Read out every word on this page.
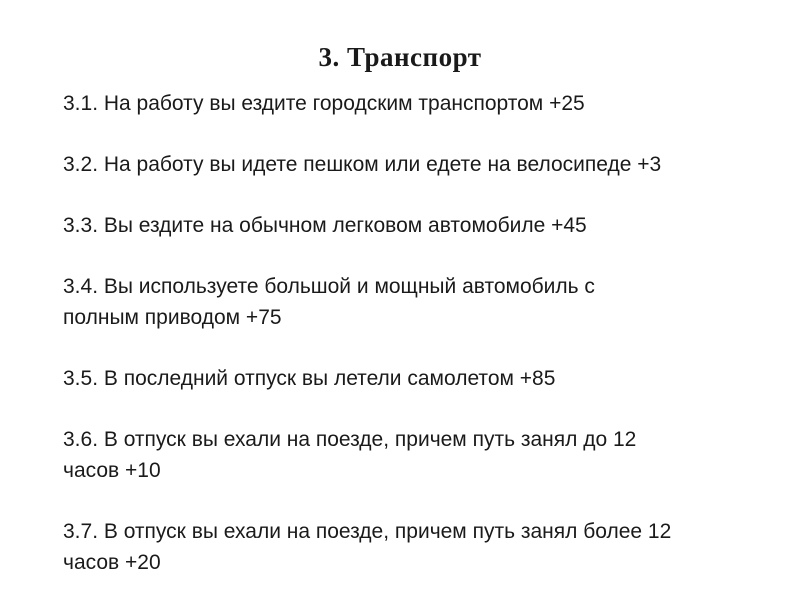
3. Транспорт
3.1. На работу вы ездите городским транспортом +25
3.2. На работу вы идете пешком или едете на велосипеде +3
3.3. Вы ездите на обычном легковом автомобиле +45
3.4. Вы используете большой и мощный автомобиль с
полным приводом +75
3.5. В последний отпуск вы летели самолетом +85
3.6. В отпуск вы ехали на поезде, причем путь занял до 12
часов +10
3.7. В отпуск вы ехали на поезде, причем путь занял более 12
часов +20
